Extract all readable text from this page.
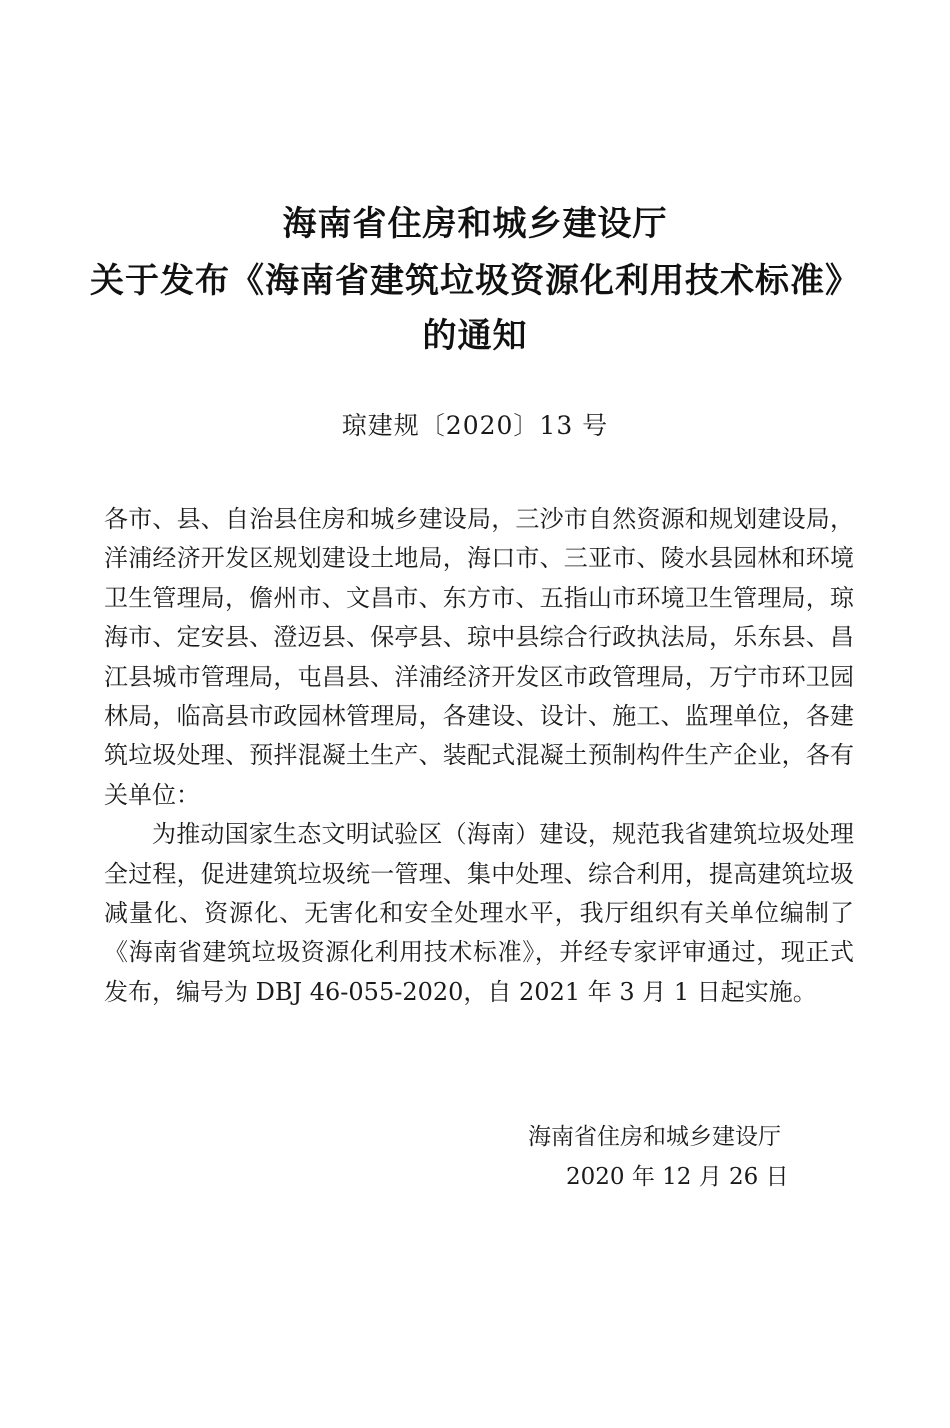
海南省住房和城乡建设厅
关于发布《海南省建筑垃圾资源化利用技术标准》
的通知
琼建规〔2020〕13 号

各市、县、自治县住房和城乡建设局，三沙市自然资源和规划建设局，洋浦经济开发区规划建设土地局，海口市、三亚市、陵水县园林和环境卫生管理局，儋州市、文昌市、东方市、五指山市环境卫生管理局，琼海市、定安县、澄迈县、保亭县、琼中县综合行政执法局，乐东县、昌江县城市管理局，屯昌县、洋浦经济开发区市政管理局，万宁市环卫园林局，临高县市政园林管理局，各建设、设计、施工、监理单位，各建筑垃圾处理、预拌混凝土生产、装配式混凝土预制构件生产企业，各有关单位：

为推动国家生态文明试验区（海南）建设，规范我省建筑垃圾处理全过程，促进建筑垃圾统一管理、集中处理、综合利用，提高建筑垃圾减量化、资源化、无害化和安全处理水平，我厅组织有关单位编制了《海南省建筑垃圾资源化利用技术标准》，并经专家评审通过，现正式发布，编号为 DBJ 46-055-2020，自 2021 年 3 月 1 日起实施。

海南省住房和城乡建设厅
2020 年 12 月 26 日
